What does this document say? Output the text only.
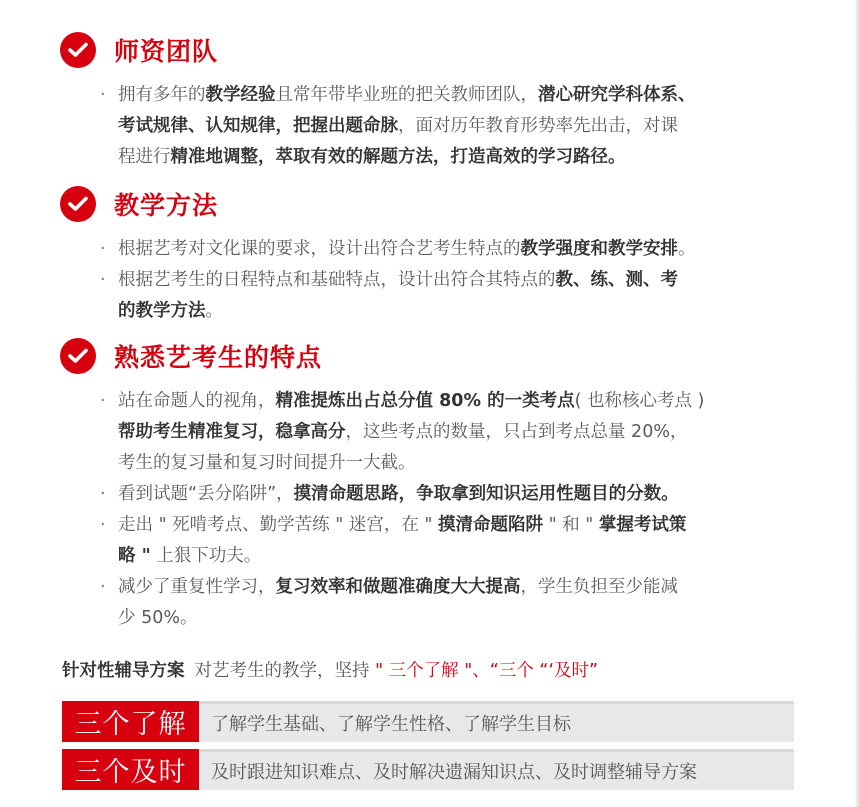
师资团队
· 拥有多年的教学经验且常年带毕业班的把关教师团队，潜心研究学科体系、
考试规律、认知规律，把握出题命脉，面对历年教育形势率先出击，对课
程进行精准地调整，萃取有效的解题方法，打造高效的学习路径。
教学方法
· 根据艺考对文化课的要求，设计出符合艺考生特点的教学强度和教学安排。
· 根据艺考生的日程特点和基础特点，设计出符合其特点的教、练、测、考
的教学方法。
熟悉艺考生的特点
· 站在命题人的视角，精准提炼出占总分值 80% 的一类考点( 也称核心考点 )
帮助考生精准复习，稳拿高分，这些考点的数量，只占到考点总量 20%，
考生的复习量和复习时间提升一大截。
· 看到试题“丢分陷阱”，摸清命题思路，争取拿到知识运用性题目的分数。
· 走出 " 死啃考点、勤学苦练 " 迷宫，在 " 摸清命题陷阱 " 和 " 掌握考试策
略 " 上狠下功夫。
· 减少了重复性学习，复习效率和做题准确度大大提高，学生负担至少能减
少 50%。
针对性辅导方案 对艺考生的教学，坚持 " 三个了解 "、“三个 “‘及时”
三个了解	了解学生基础、了解学生性格、了解学生目标
三个及时	及时跟进知识难点、及时解决遗漏知识点、及时调整辅导方案
